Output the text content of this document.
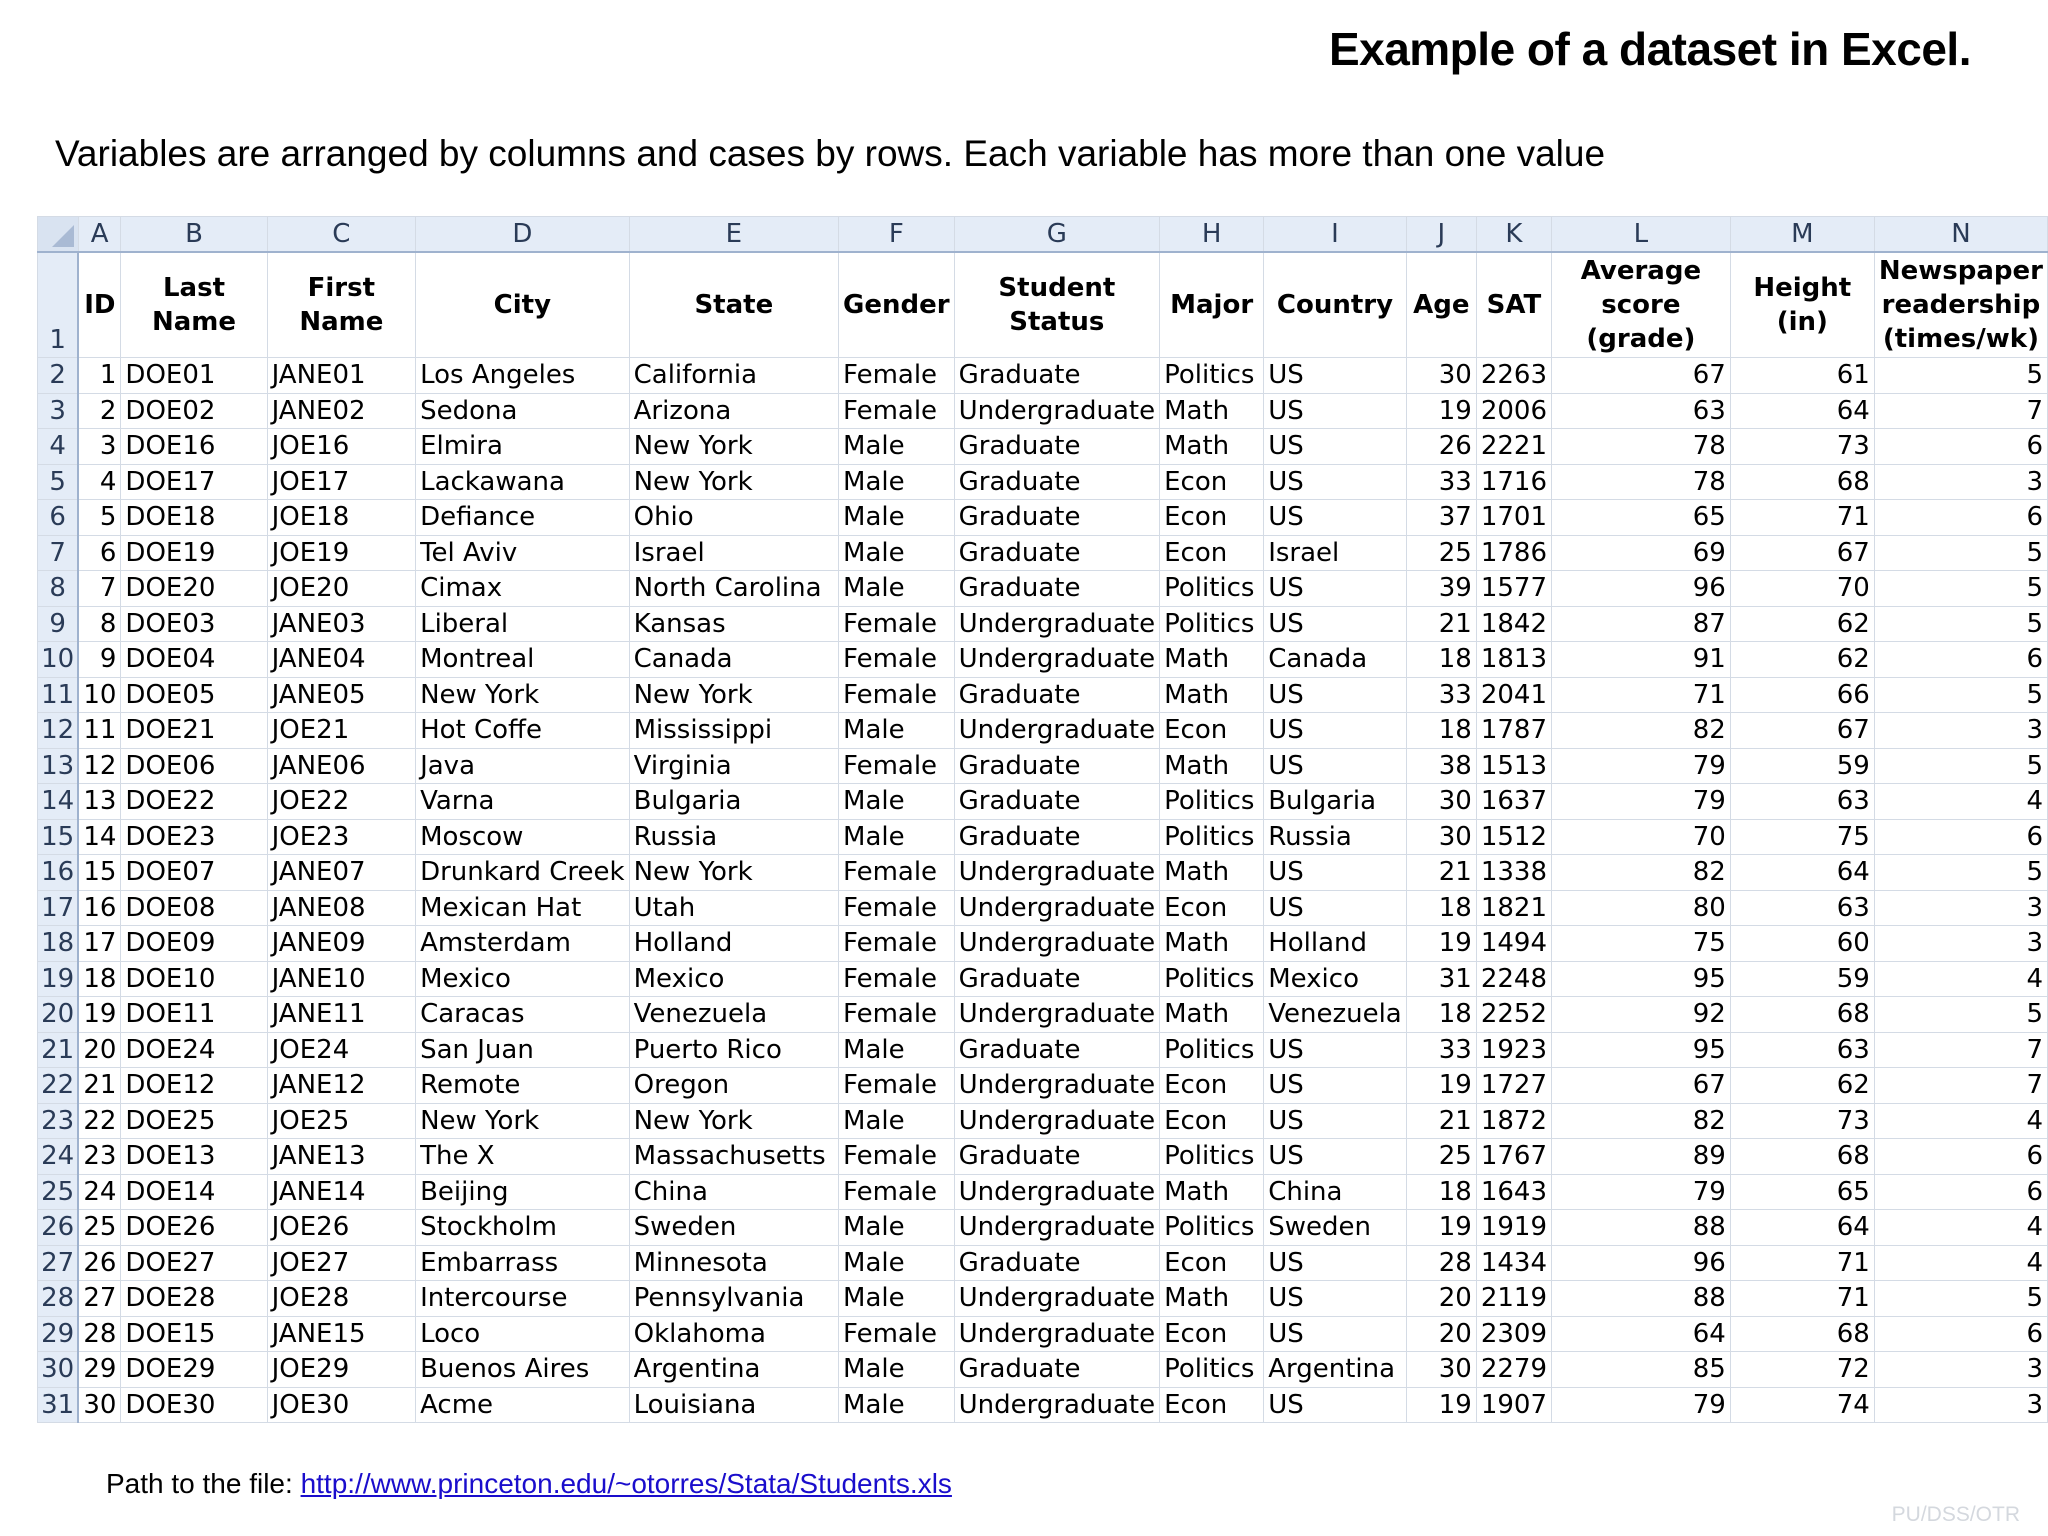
Example of a dataset in Excel.
Variables are arranged by columns and cases by rows. Each variable has more than one value
	A	B	C	D	E	F	G	H	I	J	K	L	M	N
1	ID	Last Name	First Name	City	State	Gender	Student Status	Major	Country	Age	SAT	Average score (grade)	Height (in)	Newspaper readership (times/wk)
2	1	DOE01	JANE01	Los Angeles	California	Female	Graduate	Politics	US	30	2263	67	61	5
3	2	DOE02	JANE02	Sedona	Arizona	Female	Undergraduate	Math	US	19	2006	63	64	7
4	3	DOE16	JOE16	Elmira	New York	Male	Graduate	Math	US	26	2221	78	73	6
5	4	DOE17	JOE17	Lackawana	New York	Male	Graduate	Econ	US	33	1716	78	68	3
6	5	DOE18	JOE18	Defiance	Ohio	Male	Graduate	Econ	US	37	1701	65	71	6
7	6	DOE19	JOE19	Tel Aviv	Israel	Male	Graduate	Econ	Israel	25	1786	69	67	5
8	7	DOE20	JOE20	Cimax	North Carolina	Male	Graduate	Politics	US	39	1577	96	70	5
9	8	DOE03	JANE03	Liberal	Kansas	Female	Undergraduate	Politics	US	21	1842	87	62	5
10	9	DOE04	JANE04	Montreal	Canada	Female	Undergraduate	Math	Canada	18	1813	91	62	6
11	10	DOE05	JANE05	New York	New York	Female	Graduate	Math	US	33	2041	71	66	5
12	11	DOE21	JOE21	Hot Coffe	Mississippi	Male	Undergraduate	Econ	US	18	1787	82	67	3
13	12	DOE06	JANE06	Java	Virginia	Female	Graduate	Math	US	38	1513	79	59	5
14	13	DOE22	JOE22	Varna	Bulgaria	Male	Graduate	Politics	Bulgaria	30	1637	79	63	4
15	14	DOE23	JOE23	Moscow	Russia	Male	Graduate	Politics	Russia	30	1512	70	75	6
16	15	DOE07	JANE07	Drunkard Creek	New York	Female	Undergraduate	Math	US	21	1338	82	64	5
17	16	DOE08	JANE08	Mexican Hat	Utah	Female	Undergraduate	Econ	US	18	1821	80	63	3
18	17	DOE09	JANE09	Amsterdam	Holland	Female	Undergraduate	Math	Holland	19	1494	75	60	3
19	18	DOE10	JANE10	Mexico	Mexico	Female	Graduate	Politics	Mexico	31	2248	95	59	4
20	19	DOE11	JANE11	Caracas	Venezuela	Female	Undergraduate	Math	Venezuela	18	2252	92	68	5
21	20	DOE24	JOE24	San Juan	Puerto Rico	Male	Graduate	Politics	US	33	1923	95	63	7
22	21	DOE12	JANE12	Remote	Oregon	Female	Undergraduate	Econ	US	19	1727	67	62	7
23	22	DOE25	JOE25	New York	New York	Male	Undergraduate	Econ	US	21	1872	82	73	4
24	23	DOE13	JANE13	The X	Massachusetts	Female	Graduate	Politics	US	25	1767	89	68	6
25	24	DOE14	JANE14	Beijing	China	Female	Undergraduate	Math	China	18	1643	79	65	6
26	25	DOE26	JOE26	Stockholm	Sweden	Male	Undergraduate	Politics	Sweden	19	1919	88	64	4
27	26	DOE27	JOE27	Embarrass	Minnesota	Male	Graduate	Econ	US	28	1434	96	71	4
28	27	DOE28	JOE28	Intercourse	Pennsylvania	Male	Undergraduate	Math	US	20	2119	88	71	5
29	28	DOE15	JANE15	Loco	Oklahoma	Female	Undergraduate	Econ	US	20	2309	64	68	6
30	29	DOE29	JOE29	Buenos Aires	Argentina	Male	Graduate	Politics	Argentina	30	2279	85	72	3
31	30	DOE30	JOE30	Acme	Louisiana	Male	Undergraduate	Econ	US	19	1907	79	74	3
Path to the file: http://www.princeton.edu/~otorres/Stata/Students.xls
PU/DSS/OTR
